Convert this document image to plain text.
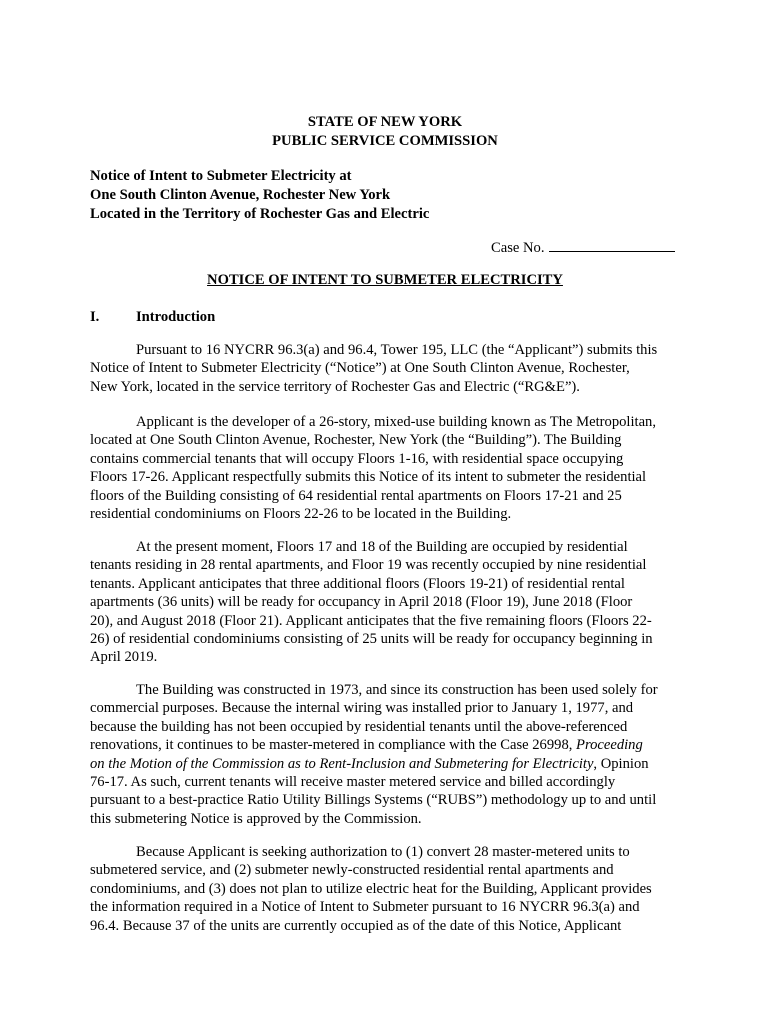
STATE OF NEW YORK
PUBLIC SERVICE COMMISSION
Notice of Intent to Submeter Electricity at
One South Clinton Avenue, Rochester New York
Located in the Territory of Rochester Gas and Electric
Case No.
NOTICE OF INTENT TO SUBMETER ELECTRICITY
I.	Introduction
Pursuant to 16 NYCRR 96.3(a) and 96.4, Tower 195, LLC (the “Applicant”) submits this
Notice of Intent to Submeter Electricity (“Notice”) at One South Clinton Avenue, Rochester,
New York, located in the service territory of Rochester Gas and Electric (“RG&E”).
Applicant is the developer of a 26-story, mixed-use building known as The Metropolitan,
located at One South Clinton Avenue, Rochester, New York (the “Building”). The Building
contains commercial tenants that will occupy Floors 1-16, with residential space occupying
Floors 17-26. Applicant respectfully submits this Notice of its intent to submeter the residential
floors of the Building consisting of 64 residential rental apartments on Floors 17-21 and 25
residential condominiums on Floors 22-26 to be located in the Building.
At the present moment, Floors 17 and 18 of the Building are occupied by residential
tenants residing in 28 rental apartments, and Floor 19 was recently occupied by nine residential
tenants. Applicant anticipates that three additional floors (Floors 19-21) of residential rental
apartments (36 units) will be ready for occupancy in April 2018 (Floor 19), June 2018 (Floor
20), and August 2018 (Floor 21). Applicant anticipates that the five remaining floors (Floors 22-
26) of residential condominiums consisting of 25 units will be ready for occupancy beginning in
April 2019.
The Building was constructed in 1973, and since its construction has been used solely for
commercial purposes. Because the internal wiring was installed prior to January 1, 1977, and
because the building has not been occupied by residential tenants until the above-referenced
renovations, it continues to be master-metered in compliance with the Case 26998, Proceeding
on the Motion of the Commission as to Rent-Inclusion and Submetering for Electricity, Opinion
76-17. As such, current tenants will receive master metered service and billed accordingly
pursuant to a best-practice Ratio Utility Billings Systems (“RUBS”) methodology up to and until
this submetering Notice is approved by the Commission.
Because Applicant is seeking authorization to (1) convert 28 master-metered units to
submetered service, and (2) submeter newly-constructed residential rental apartments and
condominiums, and (3) does not plan to utilize electric heat for the Building, Applicant provides
the information required in a Notice of Intent to Submeter pursuant to 16 NYCRR 96.3(a) and
96.4. Because 37 of the units are currently occupied as of the date of this Notice, Applicant
